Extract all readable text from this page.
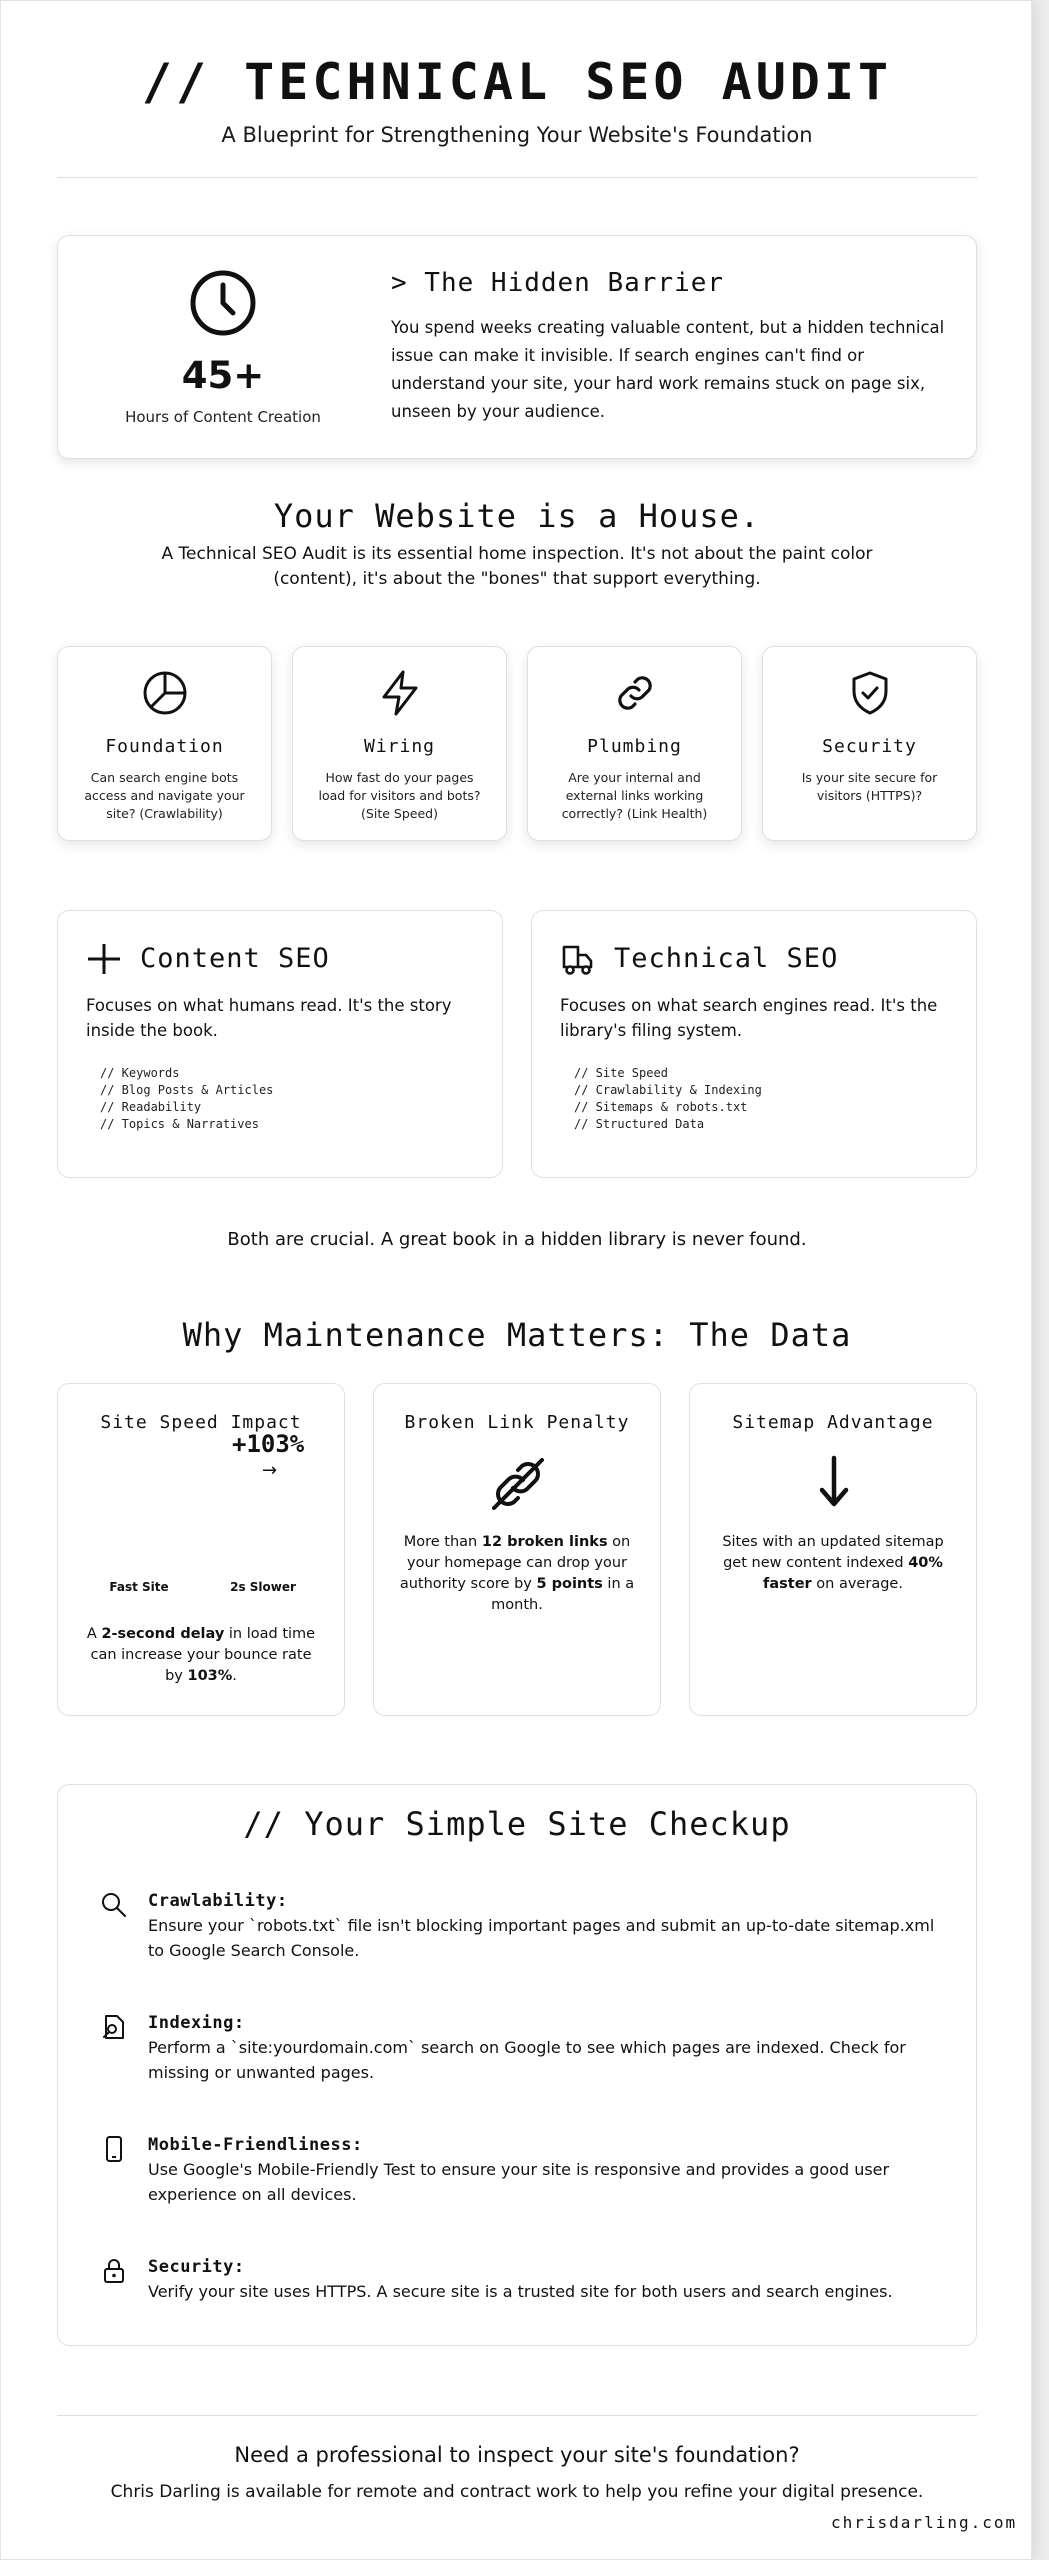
// TECHNICAL SEO AUDIT
A Blueprint for Strengthening Your Website's Foundation
45+
Hours of Content Creation
> The Hidden Barrier
You spend weeks creating valuable content, but a hidden technical issue can make it invisible. If search engines can't find or understand your site, your hard work remains stuck on page six, unseen by your audience.
Your Website is a House.
A Technical SEO Audit is its essential home inspection. It's not about the paint color (content), it's about the "bones" that support everything.
Foundation
Can search engine bots access and navigate your site? (Crawlability)
Wiring
How fast do your pages load for visitors and bots? (Site Speed)
Plumbing
Are your internal and external links working correctly? (Link Health)
Security
Is your site secure for visitors (HTTPS)?
Content SEO
Focuses on what humans read. It's the story inside the book.
// Keywords
// Blog Posts & Articles
// Readability
// Topics & Narratives
Technical SEO
Focuses on what search engines read. It's the library's filing system.
// Site Speed
// Crawlability & Indexing
// Sitemaps & robots.txt
// Structured Data
Both are crucial. A great book in a hidden library is never found.
Why Maintenance Matters: The Data
Site Speed Impact
+103%
→
Fast Site	2s Slower
A 2-second delay in load time can increase your bounce rate by 103%.
Broken Link Penalty
More than 12 broken links on your homepage can drop your authority score by 5 points in a month.
Sitemap Advantage
Sites with an updated sitemap get new content indexed 40% faster on average.
// Your Simple Site Checkup
Crawlability:
Ensure your `robots.txt` file isn't blocking important pages and submit an up-to-date sitemap.xml to Google Search Console.
Indexing:
Perform a `site:yourdomain.com` search on Google to see which pages are indexed. Check for missing or unwanted pages.
Mobile-Friendliness:
Use Google's Mobile-Friendly Test to ensure your site is responsive and provides a good user experience on all devices.
Security:
Verify your site uses HTTPS. A secure site is a trusted site for both users and search engines.
Need a professional to inspect your site's foundation?
Chris Darling is available for remote and contract work to help you refine your digital presence.
chrisdarling.com
